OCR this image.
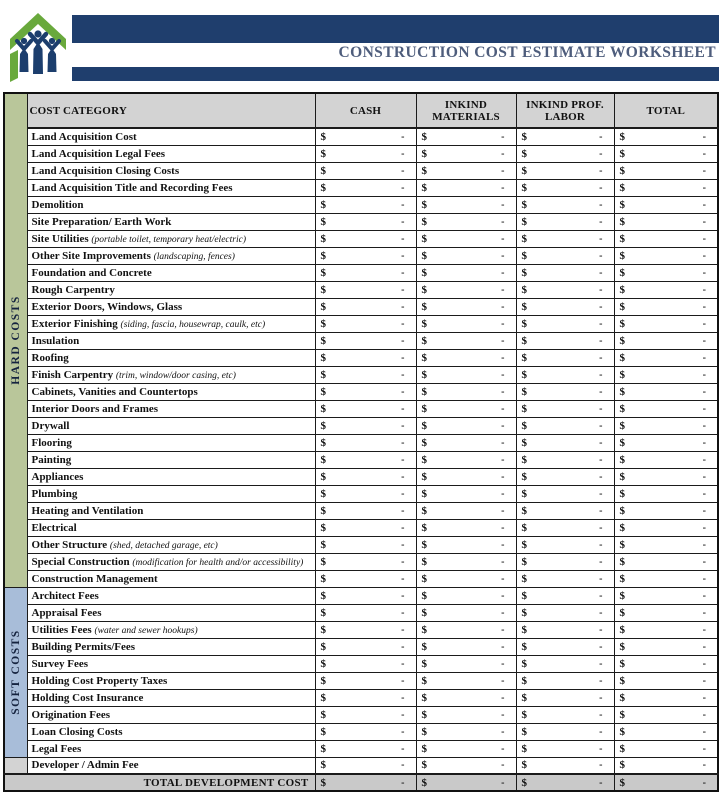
CONSTRUCTION COST ESTIMATE WORKSHEET
HARD COSTS	COST CATEGORY	CASH	INKIND MATERIALS	INKIND PROF. LABOR	TOTAL
	Land Acquisition Cost	$ -	$ -	$ -	$ -

	Land Acquisition Legal Fees	$ -	$ -	$ -	$ -

	Land Acquisition Closing Costs	$ -	$ -	$ -	$ -

	Land Acquisition Title and Recording Fees	$ -	$ -	$ -	$ -

	Demolition	$ -	$ -	$ -	$ -

	Site Preparation/ Earth Work	$ -	$ -	$ -	$ -

	Site Utilities (portable toilet, temporary heat/electric)	$ -	$ -	$ -	$ -

	Other Site Improvements (landscaping, fences)	$ -	$ -	$ -	$ -

	Foundation and Concrete	$ -	$ -	$ -	$ -

	Rough Carpentry	$ -	$ -	$ -	$ -

	Exterior Doors, Windows, Glass	$ -	$ -	$ -	$ -

	Exterior Finishing (siding, fascia, housewrap, caulk, etc)	$ -	$ -	$ -	$ -

	Insulation	$ -	$ -	$ -	$ -

	Roofing	$ -	$ -	$ -	$ -

	Finish Carpentry (trim, window/door casing, etc)	$ -	$ -	$ -	$ -

	Cabinets, Vanities and Countertops	$ -	$ -	$ -	$ -

	Interior Doors and Frames	$ -	$ -	$ -	$ -

	Drywall	$ -	$ -	$ -	$ -

	Flooring	$ -	$ -	$ -	$ -

	Painting	$ -	$ -	$ -	$ -

	Appliances	$ -	$ -	$ -	$ -

	Plumbing	$ -	$ -	$ -	$ -

	Heating and Ventilation	$ -	$ -	$ -	$ -

	Electrical	$ -	$ -	$ -	$ -

	Other Structure (shed, detached garage, etc)	$ -	$ -	$ -	$ -

	Special Construction (modification for health and/or accessibility)	$ -	$ -	$ -	$ -

	Construction Management	$ -	$ -	$ -	$ -

SOFT COSTS	Architect Fees	$ -	$ -	$ -	$ -

	Appraisal Fees	$ -	$ -	$ -	$ -

	Utilities Fees (water and sewer hookups)	$ -	$ -	$ -	$ -

	Building Permits/Fees	$ -	$ -	$ -	$ -

	Survey Fees	$ -	$ -	$ -	$ -

	Holding Cost Property Taxes	$ -	$ -	$ -	$ -

	Holding Cost Insurance	$ -	$ -	$ -	$ -

	Origination Fees	$ -	$ -	$ -	$ -

	Loan Closing Costs	$ -	$ -	$ -	$ -

	Legal Fees	$ -	$ -	$ -	$ -

	Developer / Admin Fee	$ -	$ -	$ -	$ -

TOTAL DEVELOPMENT COST		$ -	$ -	$ -	$ -
